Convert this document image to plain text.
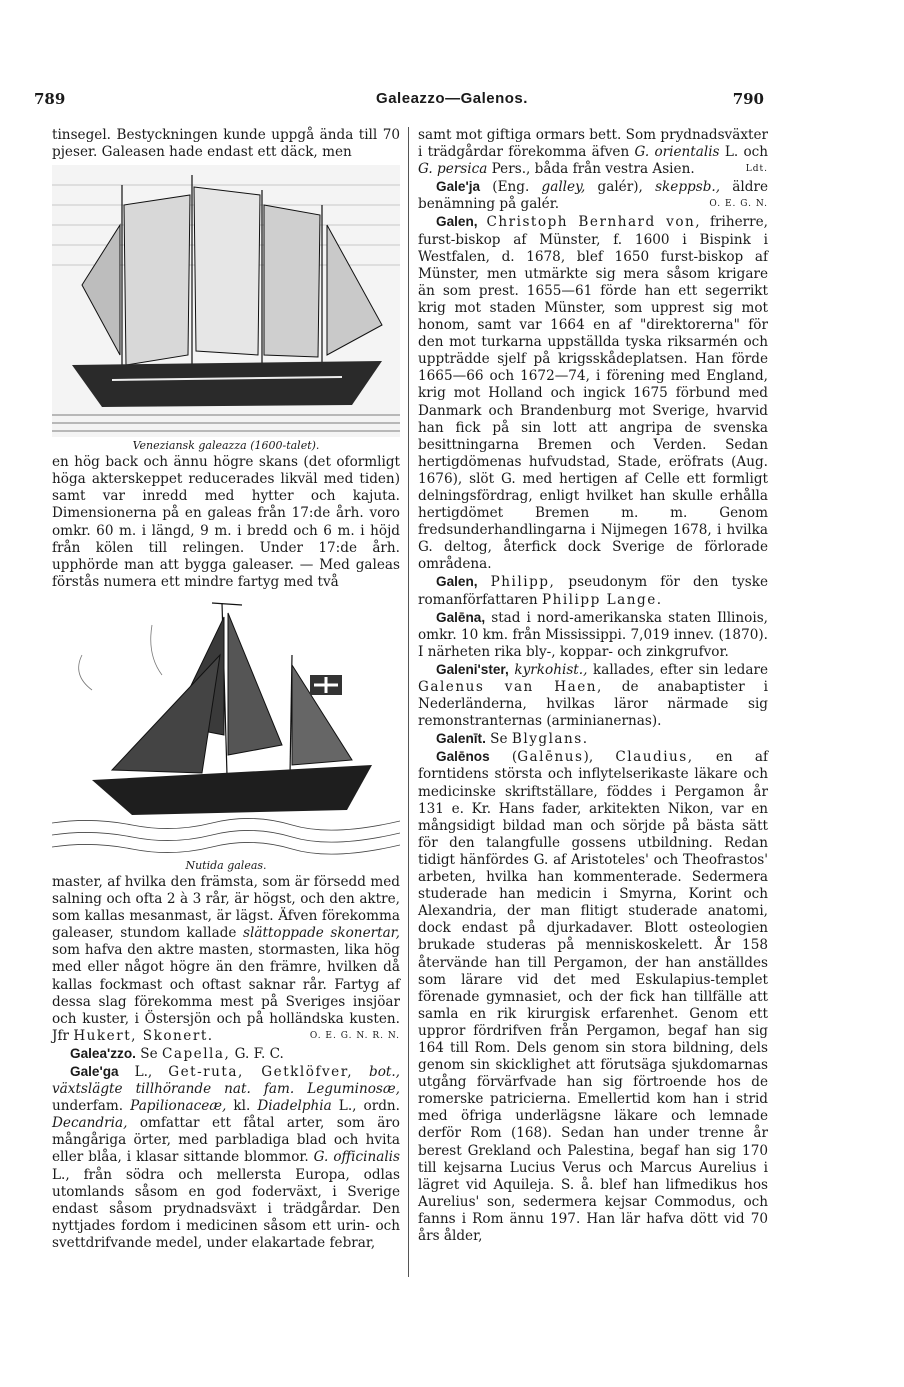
789	Galeazzo—Galenos.	790

tinsegel. Bestyckningen kunde uppgå ända till 70 pjeser. Galeasen hade endast ett däck, men

Veneziansk galeazza (1600-talet).

en hög back och ännu högre skans (det oformligt höga akterskeppet reducerades likväl med tiden) samt var inredd med hytter och kajuta. Dimensionerna på en galeas från 17:de årh. voro omkr. 60 m. i längd, 9 m. i bredd och 6 m. i höjd från kölen till relingen. Under 17:de årh. upphörde man att bygga galeaser. — Med galeas förstås numera ett mindre fartyg med två

Nutida galeas.

master, af hvilka den främsta, som är försedd med salning och ofta 2 à 3 rår, är högst, och den aktre, som kallas mesanmast, är lägst. Äfven förekomma galeaser, stundom kallade slättoppade skonertar, som hafva den aktre masten, stormasten, lika hög med eller något högre än den främre, hvilken då kallas fockmast och oftast saknar rår. Fartyg af dessa slag förekomma mest på Sveriges insjöar och kuster, i Östersjön och på holländska kusten. Jfr Hukert, Skonert.	O. E. G. N. R. N.

Galea'zzo. Se Capella, G. F. C.

Gale'ga L., Get-ruta, Getklöfver, bot., växtslägte tillhörande nat. fam. Leguminosæ, underfam. Papilionaceæ, kl. Diadelphia L., ordn. Decandria, omfattar ett fåtal arter, som äro mångåriga örter, med parbladiga blad och hvita eller blåa, i klasar sittande blommor. G. officinalis L., från södra och mellersta Europa, odlas utomlands såsom en god foderväxt, i Sverige endast såsom prydnadsväxt i trädgårdar. Den nyttjades fordom i medicinen såsom ett urin- och svettdrifvande medel, under elakartade febrar,

samt mot giftiga ormars bett. Som prydnadsväxter i trädgårdar förekomma äfven G. orientalis L. och G. persica Pers., båda från vestra Asien.	Ldt.

Gale'ja (Eng. galley, galér), skeppsb., äldre benämning på galér.	O. E. G. N.

Galen, Christoph Bernhard von, friherre, furst-biskop af Münster, f. 1600 i Bispink i Westfalen, d. 1678, blef 1650 furst-biskop af Münster, men utmärkte sig mera såsom krigare än som prest. 1655—61 förde han ett segerrikt krig mot staden Münster, som upprest sig mot honom, samt var 1664 en af "direktorerna" för den mot turkarna uppställda tyska riksarmén och uppträdde sjelf på krigsskådeplatsen. Han förde 1665—66 och 1672—74, i förening med England, krig mot Holland och ingick 1675 förbund med Danmark och Brandenburg mot Sverige, hvarvid han fick på sin lott att angripa de svenska besittningarna Bremen och Verden. Sedan hertigdömenas hufvudstad, Stade, eröfrats (Aug. 1676), slöt G. med hertigen af Celle ett formligt delningsfördrag, enligt hvilket han skulle erhålla hertigdömet Bremen m. m. Genom fredsunderhandlingarna i Nijmegen 1678, i hvilka G. deltog, återfick dock Sverige de förlorade områdena.

Galen, Philipp, pseudonym för den tyske romanförfattaren Philipp Lange.

Galēna, stad i nord-amerikanska staten Illinois, omkr. 10 km. från Mississippi. 7,019 innev. (1870). I närheten rika bly-, koppar- och zinkgrufvor.

Galeni'ster, kyrkohist., kallades, efter sin ledare Galenus van Haen, de anabaptister i Nederländerna, hvilkas läror närmade sig remonstranternas (arminianernas).

Galenīt. Se Blyglans.

Galēnos (Galēnus), Claudius, en af forntidens största och inflytelserikaste läkare och medicinske skriftställare, föddes i Pergamon år 131 e. Kr. Hans fader, arkitekten Nikon, var en mångsidigt bildad man och sörjde på bästa sätt för den talangfulle gossens utbildning. Redan tidigt hänfördes G. af Aristoteles' och Theofrastos' arbeten, hvilka han kommenterade. Sedermera studerade han medicin i Smyrna, Korint och Alexandria, der man flitigt studerade anatomi, dock endast på djurkadaver. Blott osteologien brukade studeras på menniskoskelett. År 158 återvände han till Pergamon, der han anställdes som lärare vid det med Eskulapius-templet förenade gymnasiet, och der fick han tillfälle att samla en rik kirurgisk erfarenhet. Genom ett uppror fördrifven från Pergamon, begaf han sig 164 till Rom. Dels genom sin stora bildning, dels genom sin skicklighet att förutsäga sjukdomarnas utgång förvärfvade han sig förtroende hos de romerske patricierna. Emellertid kom han i strid med öfriga underlägsne läkare och lemnade derför Rom (168). Sedan han under trenne år berest Grekland och Palestina, begaf han sig 170 till kejsarna Lucius Verus och Marcus Aurelius i lägret vid Aquileja. S. å. blef han lifmedikus hos Aurelius' son, sedermera kejsar Commodus, och fanns i Rom ännu 197. Han lär hafva dött vid 70 års ålder,
